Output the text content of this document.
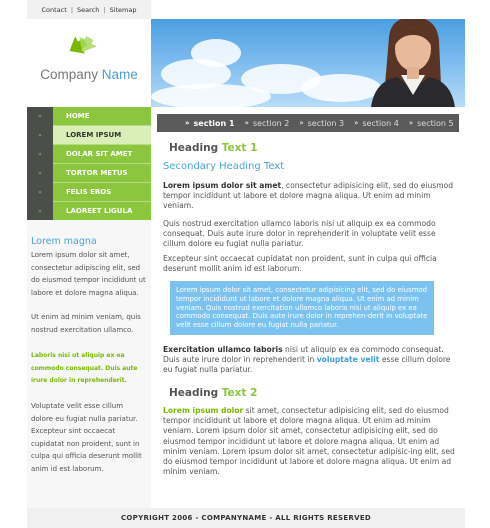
Contact | Search | Sitemap
Company Name
»	HOME
»	LOREM IPSUM
»	DOLAR SIT AMET
»	TORTOR METUS
»	FELIS EROS
»	LAOREET LIGULA
Lorem magna
Lorem ipsum dolor sit amet, consectetur adipiscing elit, sed do eiusmod tempor incididunt ut labore et dolore magna aliqua.
Ut enim ad minim veniam, quis nostrud exercitation ullamco.
Laboris nisi ut aliquip ex ea commodo consequat. Duis aute irure dolor in reprehenderit.
Voluptate velit esse cillum dolore eu fugiat nulla pariatur. Excepteur sint occaecat cupidatat non proident, sunt in culpa qui officia deserunt mollit anim id est laborum.
» section 1 » section 2 » section 3 » section 4 » section 5
Heading Text 1
Secondary Heading Text
Lorem ipsum dolor sit amet, consectetur adipisicing elit, sed do eiusmod tempor incididunt ut labore et dolore magna aliqua. Ut enim ad minim veniam.
Quis nostrud exercitation ullamco laboris nisi ut aliquip ex ea commodo consequat. Duis aute irure dolor in reprehenderit in voluptate velit esse cillum dolore eu fugiat nulla pariatur.
Excepteur sint occaecat cupidatat non proident, sunt in culpa qui officia deserunt mollit anim id est laborum.
Lorem ipsum dolor sit amet, consectetur adipisicing elit, sed do eiusmod tempor incididunt ut labore et dolore magna aliqua. Ut enim ad minim veniam. Quis nostrud exercitation ullamco laboris nisi ut aliquip ex ea commodo consequat. Duis aute irure dolor in reprehen-derit in voluptate velit esse cillum dolore eu fugiat nulla pariatur.
Exercitation ullamco laboris nisi ut aliquip ex ea commodo consequat. Duis aute irure dolor in reprehenderit in voluptate velit esse cillum dolore eu fugiat nulla pariatur.
Heading Text 2
Lorem ipsum dolor sit amet, consectetur adipisicing elit, sed do eiusmod tempor incididunt ut labore et dolore magna aliqua. Ut enim ad minim veniam. Lorem ipsum dolor sit amet, consectetur adipisicing elit, sed do eiusmod tempor incididunt ut labore et dolore magna aliqua. Ut enim ad minim veniam. Lorem ipsum dolor sit amet, consectetur adipisic-ing elit, sed do eiusmod tempor incididunt ut labore et dolore magna aliqua. Ut enim ad minim veniam.
COPYRIGHT 2006 - COMPANYNAME - ALL RIGHTS RESERVED
